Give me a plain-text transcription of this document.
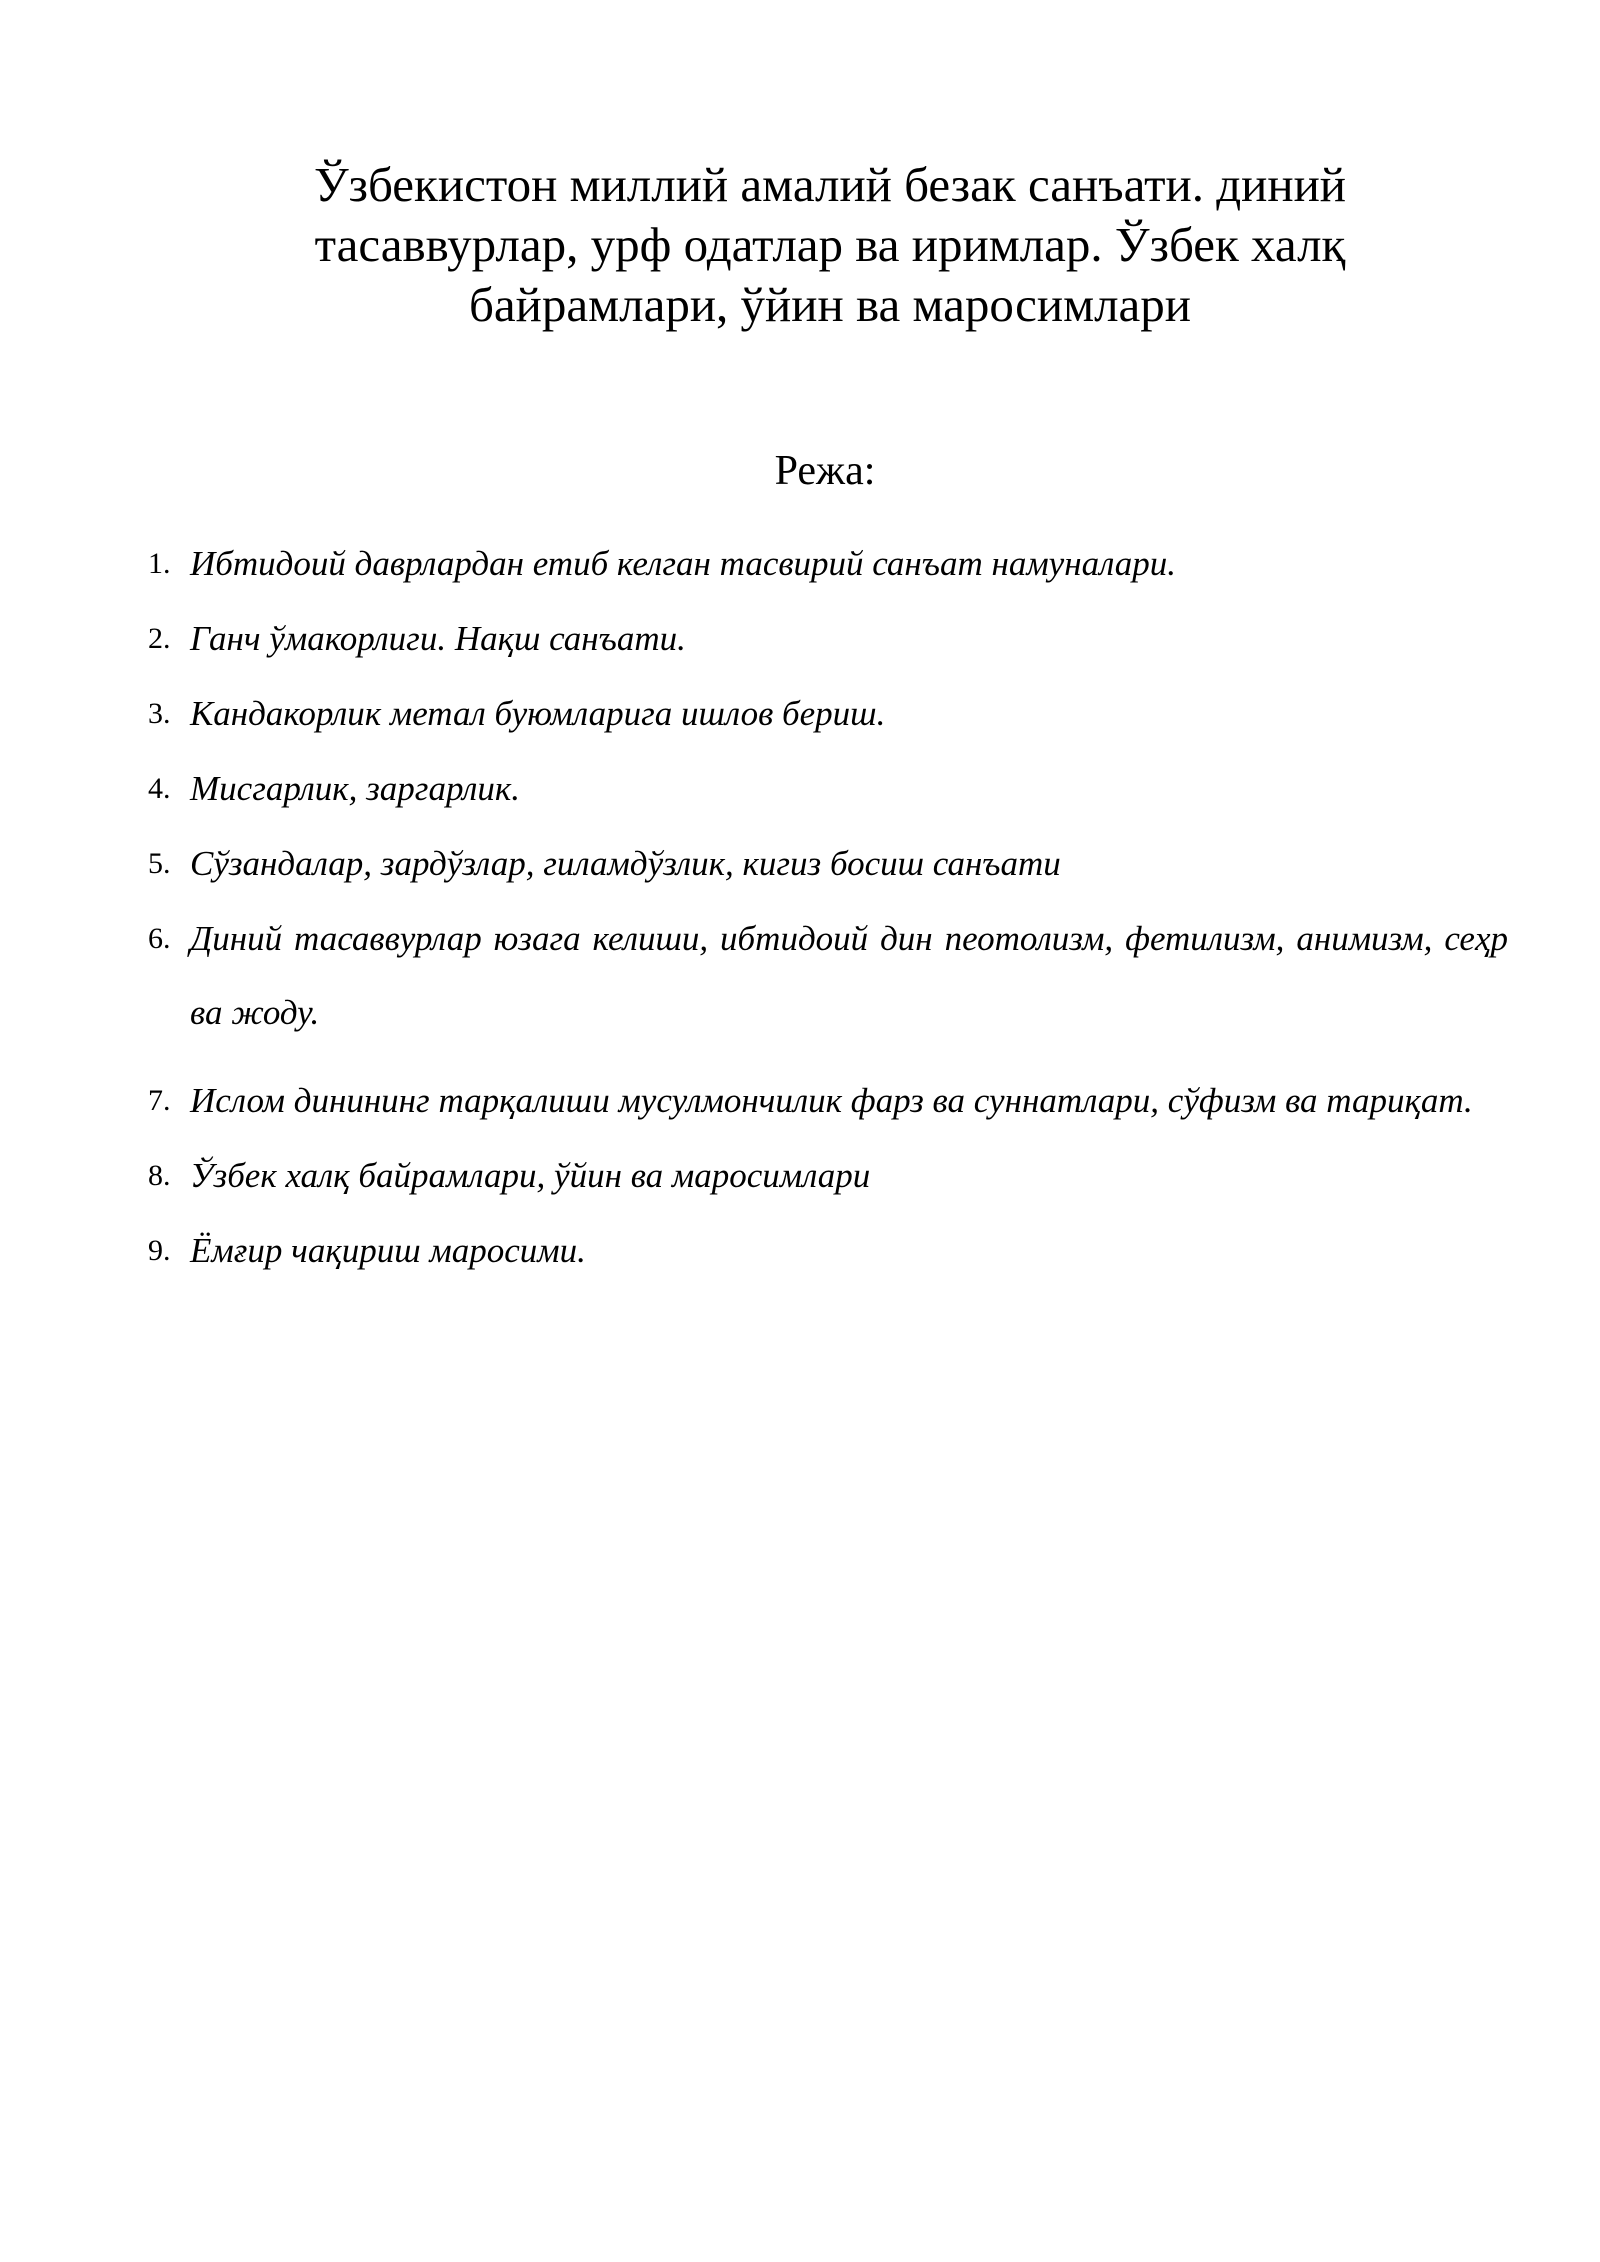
Ўзбекистон миллий амалий безак санъати. диний
тасаввурлар, урф одатлар ва иримлар. Ўзбек халқ
байрамлари, ўйин ва маросимлари

Режа:

1. Ибтидоий даврлардан етиб келган тасвирий санъат намуналари.
2. Ганч ўмакорлиги. Нақш санъати.
3. Кандакорлик метал буюмларига ишлов бериш.
4. Мисгарлик, заргарлик.
5. Сўзандалар, зардўзлар, гиламдўзлик, кигиз босиш санъати
6. Диний тасаввурлар юзага келиши, ибтидоий дин пеотолизм, фетилизм, анимизм, сеҳр ва жоду.
7. Ислом динининг тарқалиши мусулмончилик фарз ва суннатлари, сўфизм ва тариқат.
8. Ўзбек халқ байрамлари, ўйин ва маросимлари
9. Ёмғир чақириш маросими.
